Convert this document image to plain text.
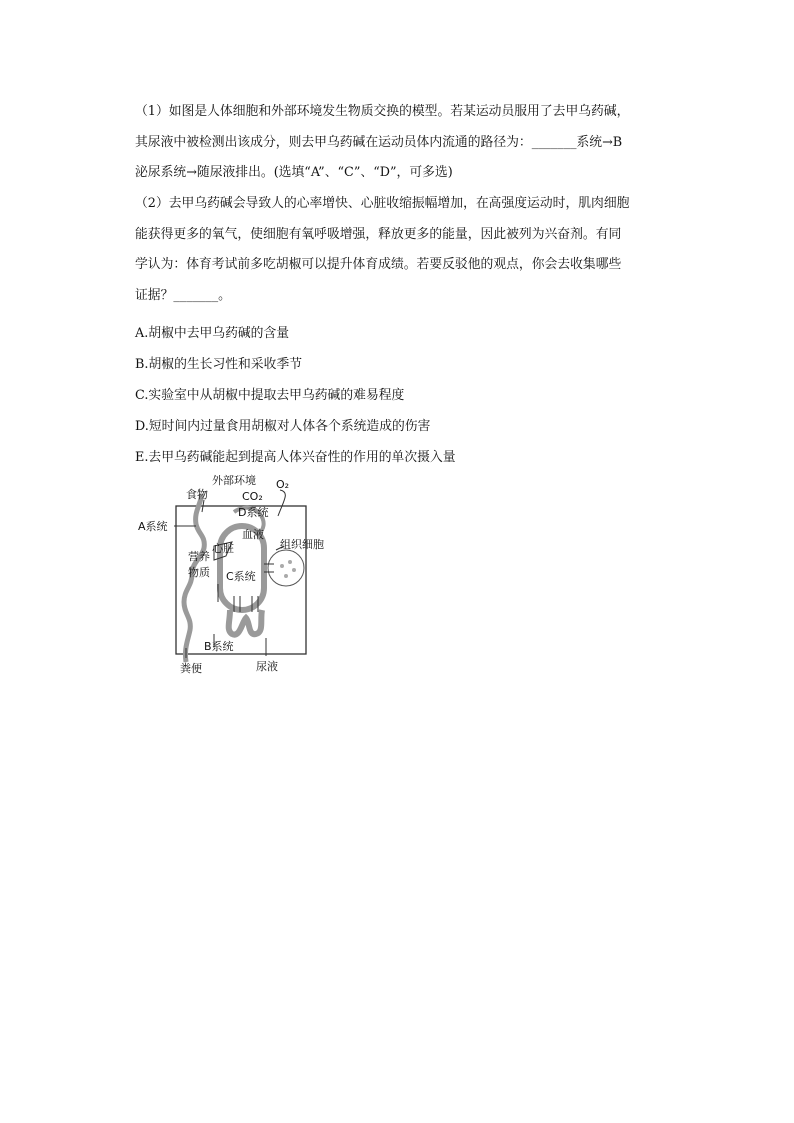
（1）如图是人体细胞和外部环境发生物质交换的模型。若某运动员服用了去甲乌药碱，

其尿液中被检测出该成分，则去甲乌药碱在运动员体内流通的路径为：_______系统→B

泌尿系统→随尿液排出。(选填“A”、“C”、“D”，可多选)

（2）去甲乌药碱会导致人的心率增快、心脏收缩振幅增加，在高强度运动时，肌肉细胞

能获得更多的氧气，使细胞有氧呼吸增强，释放更多的能量，因此被列为兴奋剂。有同

学认为：体育考试前多吃胡椒可以提升体育成绩。若要反驳他的观点，你会去收集哪些

证据？_______。

A.胡椒中去甲乌药碱的含量
B.胡椒的生长习性和采收季节
C.实验室中从胡椒中提取去甲乌药碱的难易程度
D.短时间内过量食用胡椒对人体各个系统造成的伤害
E.去甲乌药碱能起到提高人体兴奋性的作用的单次摄入量
外部环境
食物	CO₂
O₂
D系统
血液
A系统
组织细胞
心脏
营养
物质 C系统
B系统
粪便	尿液
